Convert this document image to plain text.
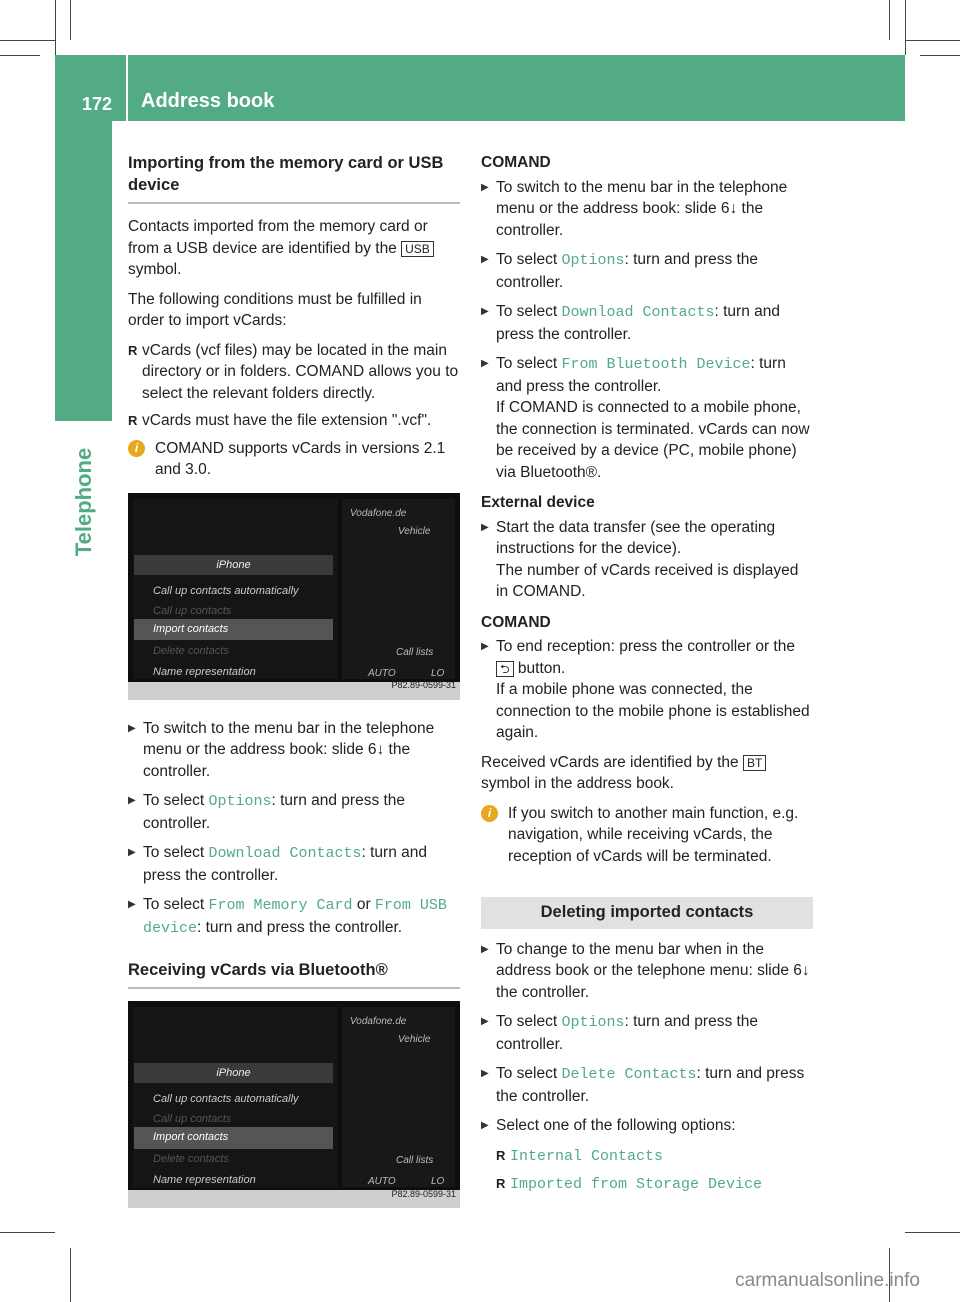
172 Address book
Telephone
Importing from the memory card or USB device

Contacts imported from the memory card or from a USB device are identified by the USB symbol.

The following conditions must be fulfilled in order to import vCards:

R vCards (vcf files) may be located in the main directory or in folders. COMAND allows you to select the relevant folders directly.
R vCards must have the file extension ".vcf".
i	COMAND supports vCards in versions 2.1 and 3.0.
Vodafone.de
Vehicle
iPhone
Call up contacts automatically
Call up contacts
Import contacts
Delete contacts
Name representation
Call lists
AUTO	LO
P82.89-0599-31
▶ To switch to the menu bar in the telephone menu or the address book: slide 6↓ the controller.
▶ To select Options: turn and press the controller.
▶ To select Download Contacts: turn and press the controller.
▶ To select From Memory Card or From USB device: turn and press the controller.
Receiving vCards via Bluetooth®
Vodafone.de
Vehicle
iPhone
Call up contacts automatically
Call up contacts
Import contacts
Delete contacts
Name representation
Call lists
AUTO	LO
P82.89-0599-31
COMAND
▶ To switch to the menu bar in the telephone menu or the address book: slide 6↓ the controller.
▶ To select Options: turn and press the controller.
▶ To select Download Contacts: turn and press the controller.
▶ To select From Bluetooth Device: turn and press the controller.
If COMAND is connected to a mobile phone, the connection is terminated. vCards can now be received by a device (PC, mobile phone) via Bluetooth®.
External device
▶ Start the data transfer (see the operating instructions for the device).
The number of vCards received is displayed in COMAND.
COMAND
▶ To end reception: press the controller or the ⮌ button.
If a mobile phone was connected, the connection to the mobile phone is established again.

Received vCards are identified by the BT symbol in the address book.

i	If you switch to another main function, e.g. navigation, while receiving vCards, the reception of vCards will be terminated.
Deleting imported contacts
▶ To change to the menu bar when in the address book or the telephone menu: slide 6↓ the controller.
▶ To select Options: turn and press the controller.
▶ To select Delete Contacts: turn and press the controller.
▶ Select one of the following options:
R Internal Contacts
R Imported from Storage Device
carmanualsonline.info
